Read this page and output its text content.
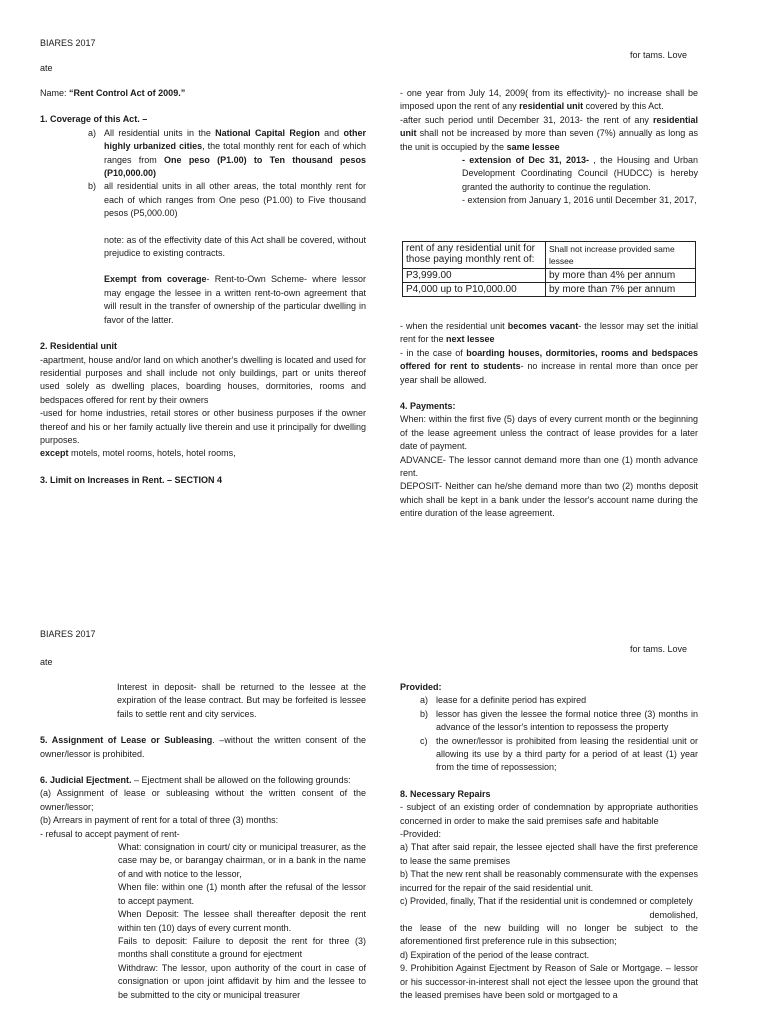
BIARES 2017
for tams. Love
ate

Name: “Rent Control Act of 2009.”

1. Coverage of this Act. –

a) All residential units in the National Capital Region and other highly urbanized cities, the total monthly rent for each of which ranges from One peso (P1.00) to Ten thousand pesos (P10,000.00)
b) all residential units in all other areas, the total monthly rent for each of which ranges from One peso (P1.00) to Five thousand pesos (P5,000.00)

note: as of the effectivity date of this Act shall be covered, without prejudice to existing contracts.

Exempt from coverage- Rent-to-Own Scheme- where lessor may engage the lessee in a written rent-to-own agreement that will result in the transfer of ownership of the particular dwelling in favor of the latter.

2. Residential unit

-apartment, house and/or land on which another's dwelling is located and used for residential purposes and shall include not only buildings, part or units thereof used solely as dwelling places, boarding houses, dormitories, rooms and bedspaces offered for rent by their owners

-used for home industries, retail stores or other business purposes if the owner thereof and his or her family actually live therein and use it principally for dwelling purposes.

except motels, motel rooms, hotels, hotel rooms,

3. Limit on Increases in Rent. – SECTION 4

- one year from July 14, 2009( from its effectivity)- no increase shall be imposed upon the rent of any residential unit covered by this Act.

-after such period until December 31, 2013- the rent of any residential unit shall not be increased by more than seven (7%) annually as long as the unit is occupied by the same lessee

- extension of Dec 31, 2013- , the Housing and Urban Development Coordinating Council (HUDCC) is hereby granted the authority to continue the regulation.

- extension from January 1, 2016 until December 31, 2017,

rent of any residential unit for those paying monthly rent of:	Shall not increase provided same lessee
P3,999.00	by more than 4% per annum
P4,000 up to P10,000.00	by more than 7% per annum

- when the residential unit becomes vacant- the lessor may set the initial rent for the next lessee

- in the case of boarding houses, dormitories, rooms and bedspaces offered for rent to students- no increase in rental more than once per year shall be allowed.

4. Payments:

When: within the first five (5) days of every current month or the beginning of the lease agreement unless the contract of lease provides for a later date of payment.

ADVANCE- The lessor cannot demand more than one (1) month advance rent.

DEPOSIT- Neither can he/she demand more than two (2) months deposit which shall be kept in a bank under the lessor's account name during the entire duration of the lease agreement.

BIARES 2017
for tams. Love
ate

Interest in deposit- shall be returned to the lessee at the expiration of the lease contract. But may be forfeited is lessee fails to settle rent and city services.

5. Assignment of Lease or Subleasing. –without the written consent of the owner/lessor is prohibited.

6. Judicial Ejectment. – Ejectment shall be allowed on the following grounds:

(a) Assignment of lease or subleasing without the written consent of the owner/lessor;

(b) Arrears in payment of rent for a total of three (3) months:

- refusal to accept payment of rent-

What: consignation in court/ city or municipal treasurer, as the case may be, or barangay chairman, or in a bank in the name of and with notice to the lessor,

When file: within one (1) month after the refusal of the lessor to accept payment.

When Deposit: The lessee shall thereafter deposit the rent within ten (10) days of every current month.

Fails to deposit: Failure to deposit the rent for three (3) months shall constitute a ground for ejectment

Withdraw: The lessor, upon authority of the court in case of consignation or upon joint affidavit by him and the lessee to be submitted to the city or municipal treasurer

Provided:

a) lease for a definite period has expired
b) lessor has given the lessee the formal notice three (3) months in advance of the lessor's intention to repossess the property
c) the owner/lessor is prohibited from leasing the residential unit or allowing its use by a third party for a period of at least (1) year from the time of repossession;

8. Necessary Repairs

- subject of an existing order of condemnation by appropriate authorities concerned in order to make the said premises safe and habitable

-Provided:

a) That after said repair, the lessee ejected shall have the first preference to lease the same premises

b) That the new rent shall be reasonably commensurate with the expenses incurred for the repair of the said residential unit.

c) Provided, finally, That if the residential unit is condemned or completely
demolished,

the lease of the new building will no longer be subject to the aforementioned first preference rule in this subsection;

d) Expiration of the period of the lease contract.

9. Prohibition Against Ejectment by Reason of Sale or Mortgage. – lessor or his successor-in-interest shall not eject the lessee upon the ground that the leased premises have been sold or mortgaged to a
